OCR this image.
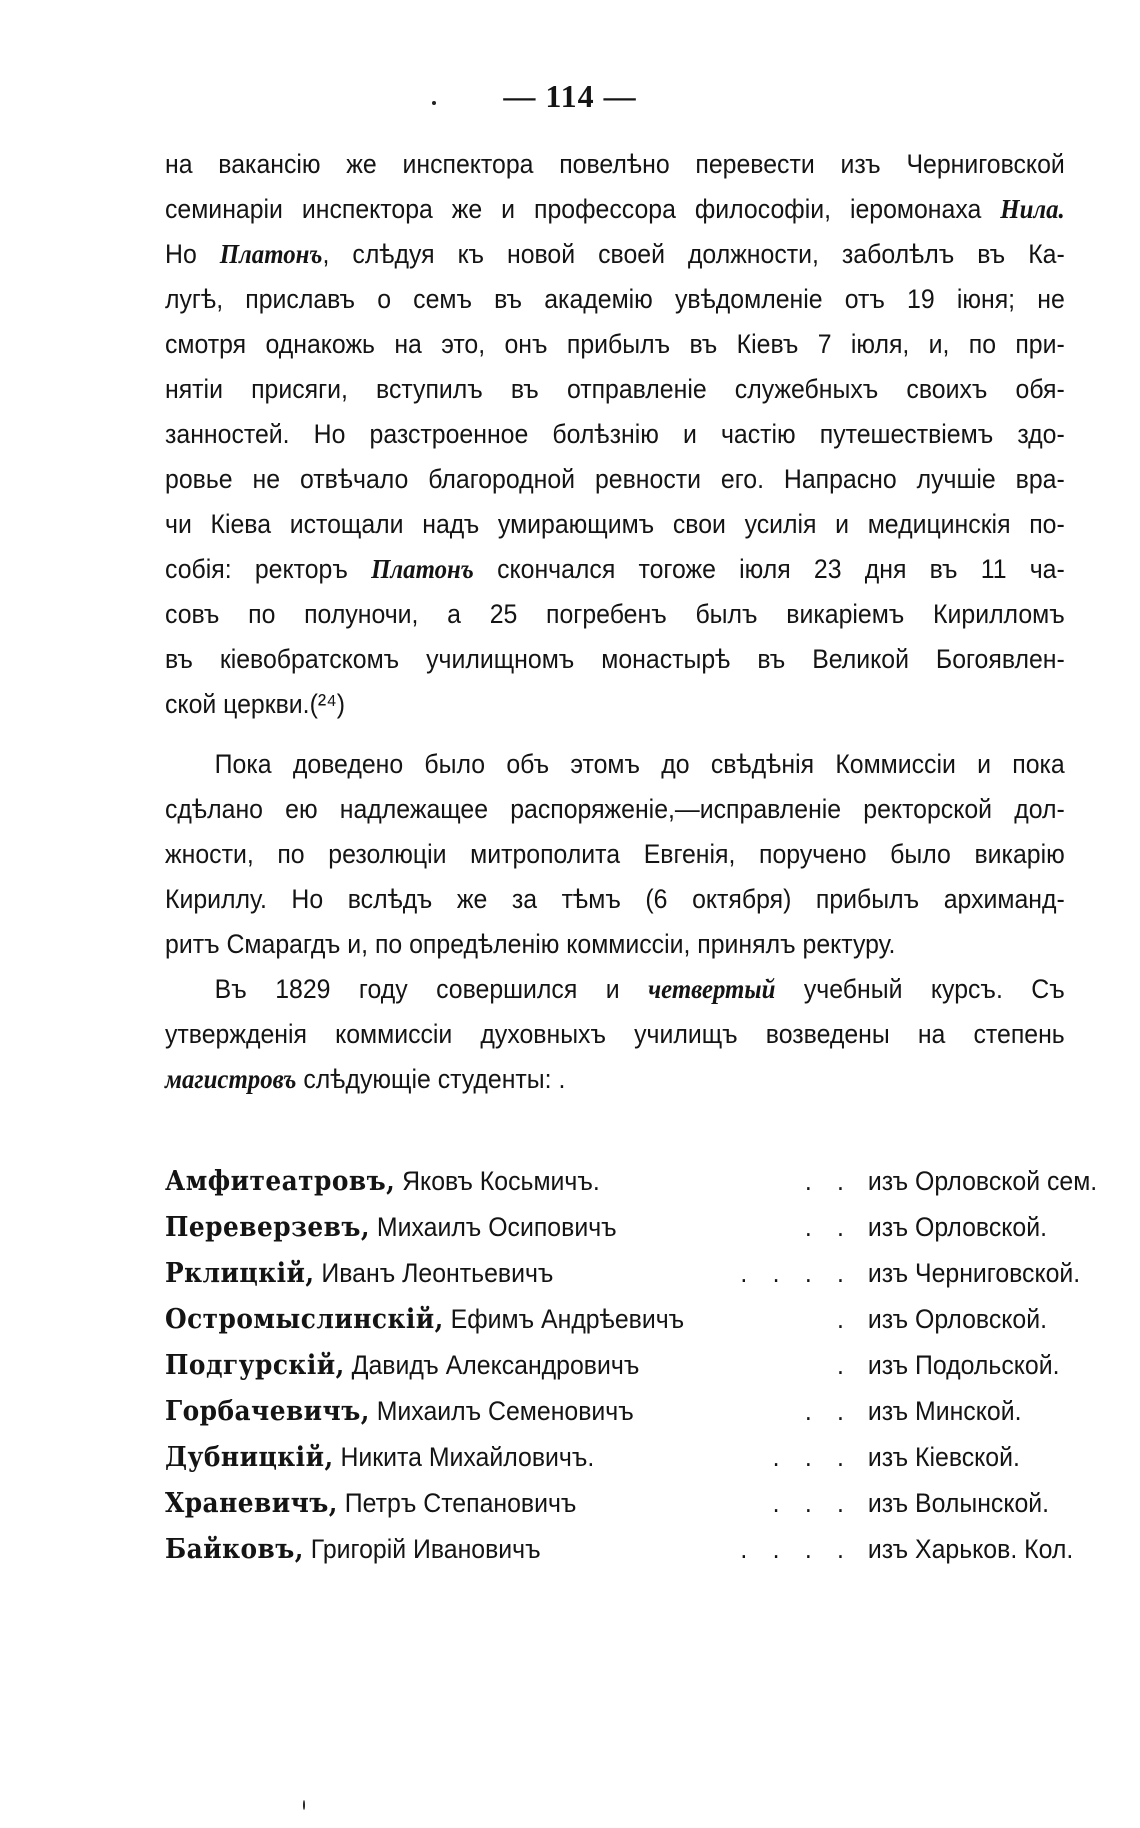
— 114 —
на вакансію же инспектора повелѣно перевести изъ Черниговской
семинаріи инспектора же и профессора философіи, іеромонаха Нила.
Но Платонъ, слѣдуя къ новой своей должности, заболѣлъ въ Ка-
лугѣ, приславъ о семъ въ академію увѣдомленіе отъ 19 іюня; не
смотря однакожь на это, онъ прибылъ въ Кіевъ 7 іюля, и, по при-
нятіи присяги, вступилъ въ отправленіе служебныхъ своихъ обя-
занностей. Но разстроенное болѣзнію и частію путешествіемъ здо-
ровье не отвѣчало благородной ревности его. Напрасно лучшіе вра-
чи Кіева истощали надъ умирающимъ свои усилія и медицинскія по-
собія: ректоръ Платонъ скончался тогоже іюля 23 дня въ 11 ча-
совъ по полуночи, а 25 погребенъ былъ викаріемъ Кирилломъ
въ кіевобратскомъ училищномъ монастырѣ въ Великой Богоявлен-
ской церкви.(²⁴)
Пока доведено было объ этомъ до свѣдѣнія Коммиссіи и пока
сдѣлано ею надлежащее распоряженіе,—исправленіе ректорской дол-
жности, по резолюціи митрополита Евгенія, поручено было викарію
Кириллу. Но вслѣдъ же за тѣмъ (6 октября) прибылъ архиманд-
ритъ Смарагдъ и, по опредѣленію коммиссіи, принялъ ректуру.
Въ 1829 году совершился и четвертый учебный курсъ. Съ
утвержденія коммиссіи духовныхъ училищъ возведены на степень
магистровъ слѣдующіе студенты: .
Амфитеатровъ, Яковъ Косьмичъ.	. . изъ Орловской сем.
Переверзевъ, Михаилъ Осиповичъ	. . изъ Орловской.
Рклицкій, Иванъ Леонтьевичъ	. . . . изъ Черниговской.
Остромыслинскій, Ефимъ Андрѣевичъ	. изъ Орловской.
Подгурскій, Давидъ Александровичъ	. изъ Подольской.
Горбачевичъ, Михаилъ Семеновичъ	. . изъ Минской.
Дубницкій, Никита Михайловичъ.	. . . изъ Кіевской.
Храневичъ, Петръ Степановичъ	. . . изъ Волынской.
Байковъ, Григорій Ивановичъ	. . . . изъ Харьков. Кол.
